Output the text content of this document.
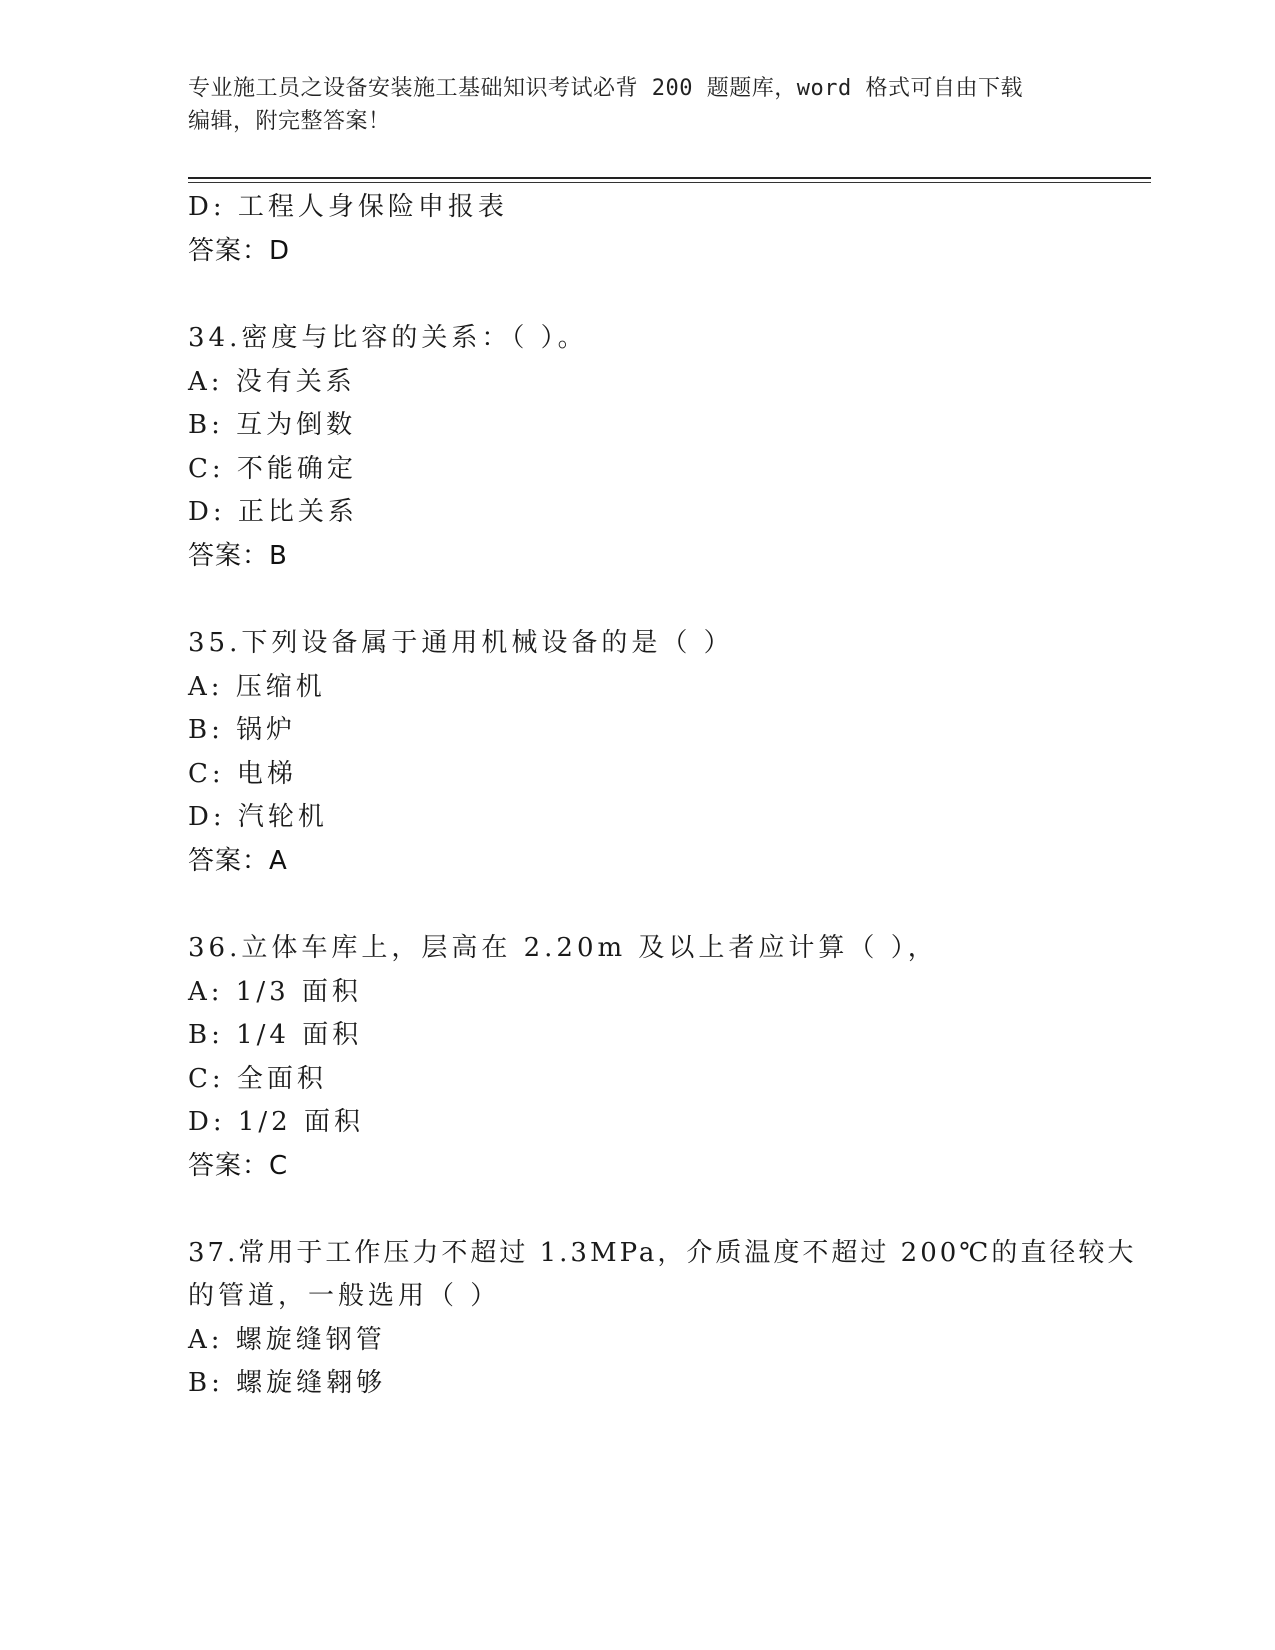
专业施工员之设备安装施工基础知识考试必背 200 题题库，word 格式可自由下载
编辑，附完整答案！
D: 工程人身保险申报表
答案：D
34.密度与比容的关系：（ ）。
A: 没有关系
B: 互为倒数
C: 不能确定
D: 正比关系
答案：B
35.下列设备属于通用机械设备的是（ ）
A: 压缩机
B: 锅炉
C: 电梯
D: 汽轮机
答案：A
36.立体车库上，层高在 2.20m 及以上者应计算（ ），
A: 1/3 面积
B: 1/4 面积
C: 全面积
D: 1/2 面积
答案：C
37.常用于工作压力不超过 1.3MPa，介质温度不超过 200℃的直径较大
的管道，一般选用（ ）
A: 螺旋缝钢管
B: 螺旋缝翱够
